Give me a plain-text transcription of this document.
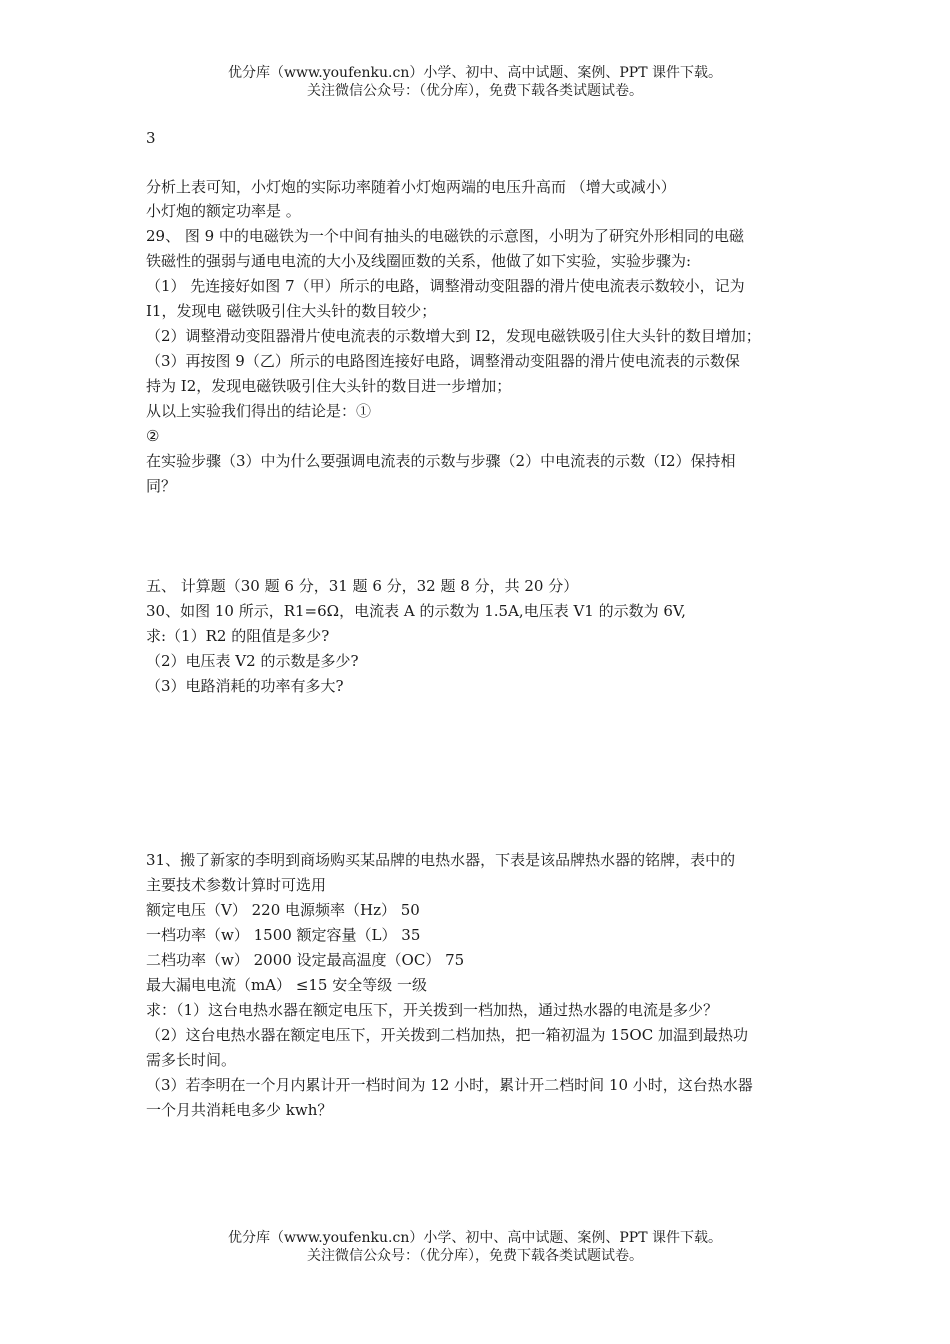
优分库（www.youfenku.cn）小学、初中、高中试题、案例、PPT 课件下载。
关注微信公众号：（优分库），免费下载各类试题试卷。
3
分析上表可知，小灯炮的实际功率随着小灯炮两端的电压升高而 （增大或减小）
小灯炮的额定功率是 。
29、 图 9 中的电磁铁为一个中间有抽头的电磁铁的示意图，小明为了研究外形相同的电磁
铁磁性的强弱与通电电流的大小及线圈匝数的关系，他做了如下实验，实验步骤为:
（1） 先连接好如图 7（甲）所示的电路，调整滑动变阻器的滑片使电流表示数较小，记为
I1，发现电 磁铁吸引住大头针的数目较少；
（2）调整滑动变阻器滑片使电流表的示数增大到 I2，发现电磁铁吸引住大头针的数目增加；
（3）再按图 9（乙）所示的电路图连接好电路，调整滑动变阻器的滑片使电流表的示数保
持为 I2，发现电磁铁吸引住大头针的数目进一步增加；
从以上实验我们得出的结论是：①
②
在实验步骤（3）中为什么要强调电流表的示数与步骤（2）中电流表的示数（I2）保持相
同？
五、 计算题（30 题 6 分，31 题 6 分，32 题 8 分，共 20 分）
30、如图 10 所示，R1=6Ω，电流表 A 的示数为 1.5A,电压表 V1 的示数为 6V,
求:（1）R2 的阻值是多少?
（2）电压表 V2 的示数是多少?
（3）电路消耗的功率有多大?
31、搬了新家的李明到商场购买某品牌的电热水器，下表是该品牌热水器的铭牌，表中的
主要技术参数计算时可选用
额定电压（V） 220 电源频率（Hz） 50
一档功率（w） 1500 额定容量（L） 35
二档功率（w） 2000 设定最高温度（OC） 75
最大漏电电流（mA） ≤15 安全等级 一级
求：（1）这台电热水器在额定电压下，开关拨到一档加热，通过热水器的电流是多少？
（2）这台电热水器在额定电压下，开关拨到二档加热，把一箱初温为 15OC 加温到最热功
需多长时间。
（3）若李明在一个月内累计开一档时间为 12 小时，累计开二档时间 10 小时，这台热水器
一个月共消耗电多少 kwh？
优分库（www.youfenku.cn）小学、初中、高中试题、案例、PPT 课件下载。
关注微信公众号：（优分库），免费下载各类试题试卷。
